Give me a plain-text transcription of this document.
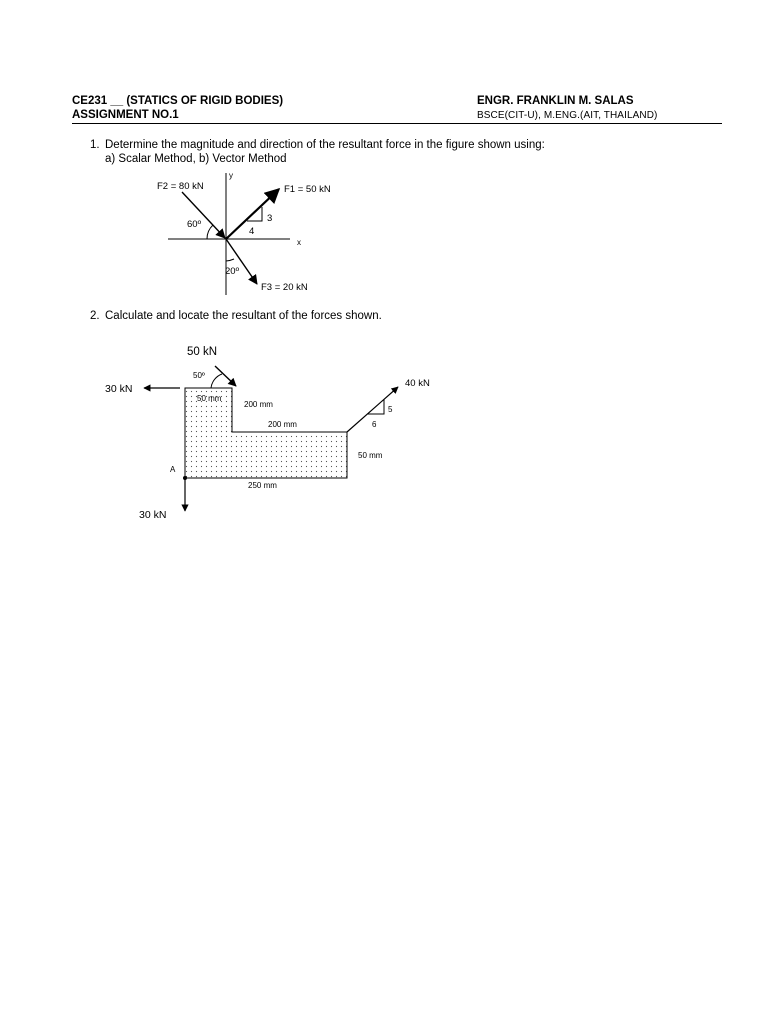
CE231 __ (STATICS OF RIGID BODIES)
ASSIGNMENT NO.1
ENGR. FRANKLIN M. SALAS
BSCE(CIT-U), M.ENG.(AIT, THAILAND)
1. Determine the magnitude and direction of the resultant force in the figure shown using:
a) Scalar Method, b) Vector Method
y
x
F1 = 50 kN
3
4
F2 = 80 kN
60º
F3 = 20 kN
20º
2. Calculate and locate the resultant of the forces shown.
50 kN
50º
30 kN
A
30 kN
40 kN
5
6
50 mm
200 mm
200 mm
50 mm
250 mm
